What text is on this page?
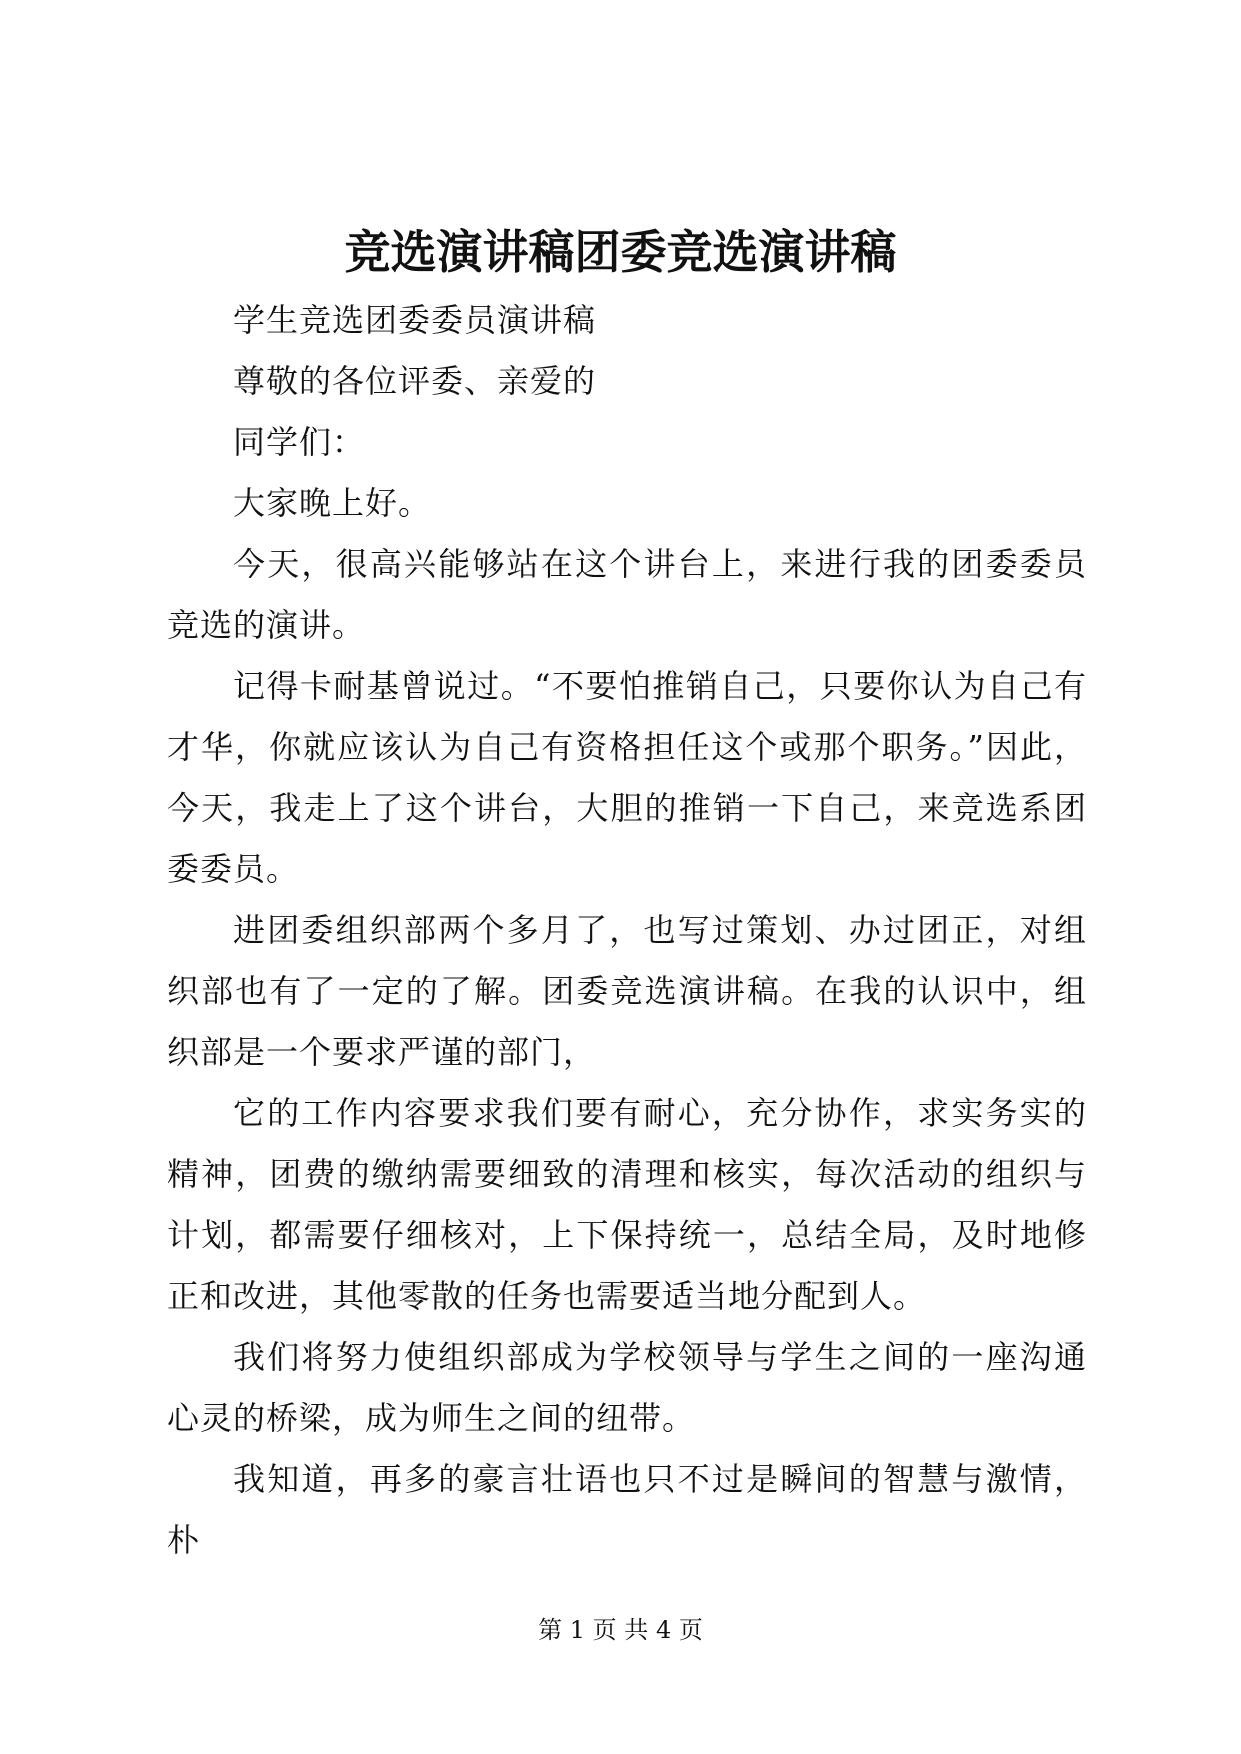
竞选演讲稿团委竞选演讲稿

学生竞选团委委员演讲稿

尊敬的各位评委、亲爱的

同学们：

大家晚上好。

今天，很高兴能够站在这个讲台上，来进行我的团委委员竞选的演讲。

记得卡耐基曾说过。“不要怕推销自己，只要你认为自己有才华，你就应该认为自己有资格担任这个或那个职务。”因此，今天，我走上了这个讲台，大胆的推销一下自己，来竞选系团委委员。

进团委组织部两个多月了，也写过策划、办过团正，对组织部也有了一定的了解。团委竞选演讲稿。在我的认识中，组织部是一个要求严谨的部门，

它的工作内容要求我们要有耐心，充分协作，求实务实的精神，团费的缴纳需要细致的清理和核实，每次活动的组织与计划，都需要仔细核对，上下保持统一，总结全局，及时地修正和改进，其他零散的任务也需要适当地分配到人。

我们将努力使组织部成为学校领导与学生之间的一座沟通心灵的桥梁，成为师生之间的纽带。

我知道，再多的豪言壮语也只不过是瞬间的智慧与激情，朴

第 1 页 共 4 页
